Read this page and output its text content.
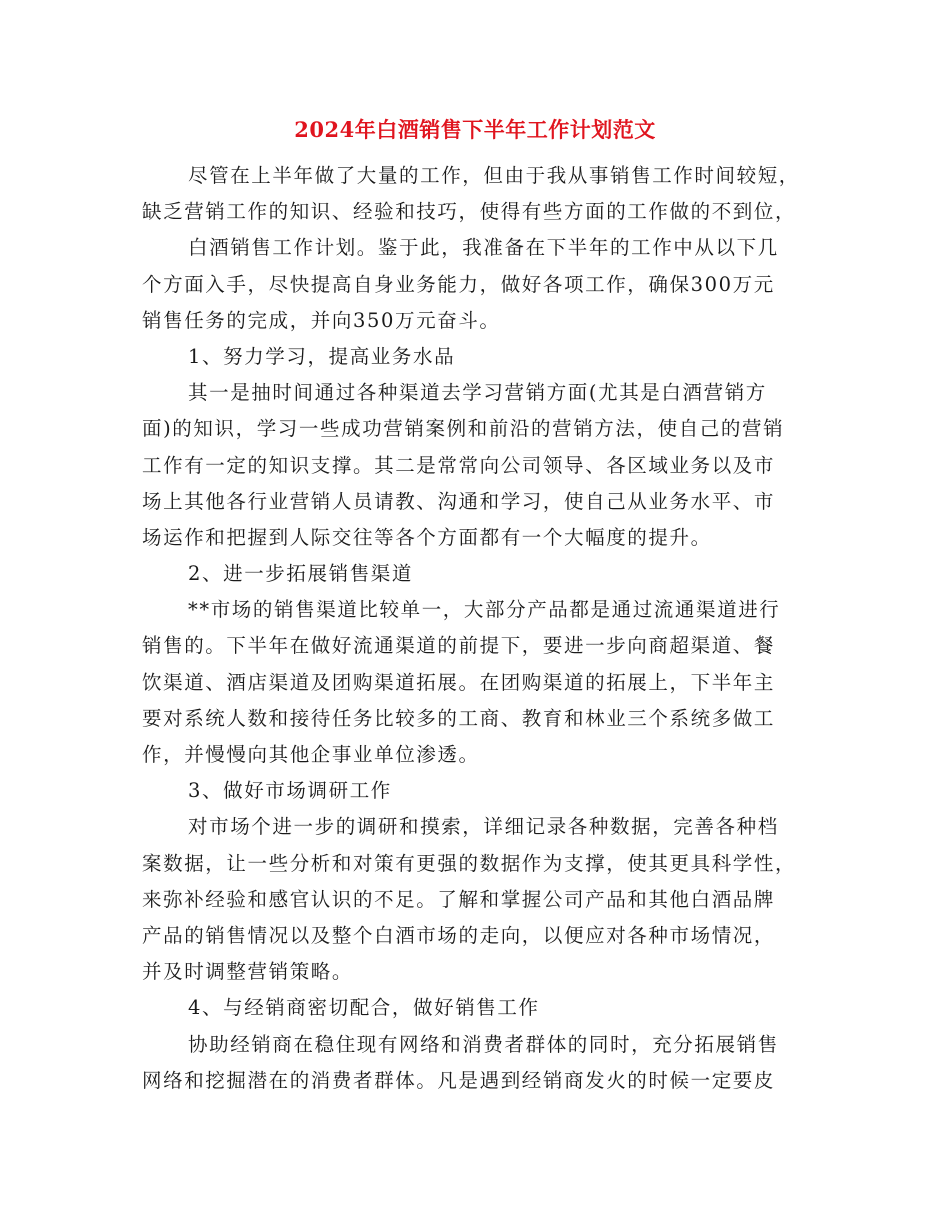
2024年白酒销售下半年工作计划范文
尽管在上半年做了大量的工作，但由于我从事销售工作时间较短，
缺乏营销工作的知识、经验和技巧，使得有些方面的工作做的不到位，
白酒销售工作计划。鉴于此，我准备在下半年的工作中从以下几
个方面入手，尽快提高自身业务能力，做好各项工作，确保300万元
销售任务的完成，并向350万元奋斗。
1、努力学习，提高业务水品
其一是抽时间通过各种渠道去学习营销方面(尤其是白酒营销方
面)的知识，学习一些成功营销案例和前沿的营销方法，使自己的营销
工作有一定的知识支撑。其二是常常向公司领导、各区域业务以及市
场上其他各行业营销人员请教、沟通和学习，使自己从业务水平、市
场运作和把握到人际交往等各个方面都有一个大幅度的提升。
2、进一步拓展销售渠道
**市场的销售渠道比较单一，大部分产品都是通过流通渠道进行
销售的。下半年在做好流通渠道的前提下，要进一步向商超渠道、餐
饮渠道、酒店渠道及团购渠道拓展。在团购渠道的拓展上，下半年主
要对系统人数和接待任务比较多的工商、教育和林业三个系统多做工
作，并慢慢向其他企事业单位渗透。
3、做好市场调研工作
对市场个进一步的调研和摸索，详细记录各种数据，完善各种档
案数据，让一些分析和对策有更强的数据作为支撑，使其更具科学性，
来弥补经验和感官认识的不足。了解和掌握公司产品和其他白酒品牌
产品的销售情况以及整个白酒市场的走向，以便应对各种市场情况，
并及时调整营销策略。
4、与经销商密切配合，做好销售工作
协助经销商在稳住现有网络和消费者群体的同时，充分拓展销售
网络和挖掘潜在的消费者群体。凡是遇到经销商发火的时候一定要皮
